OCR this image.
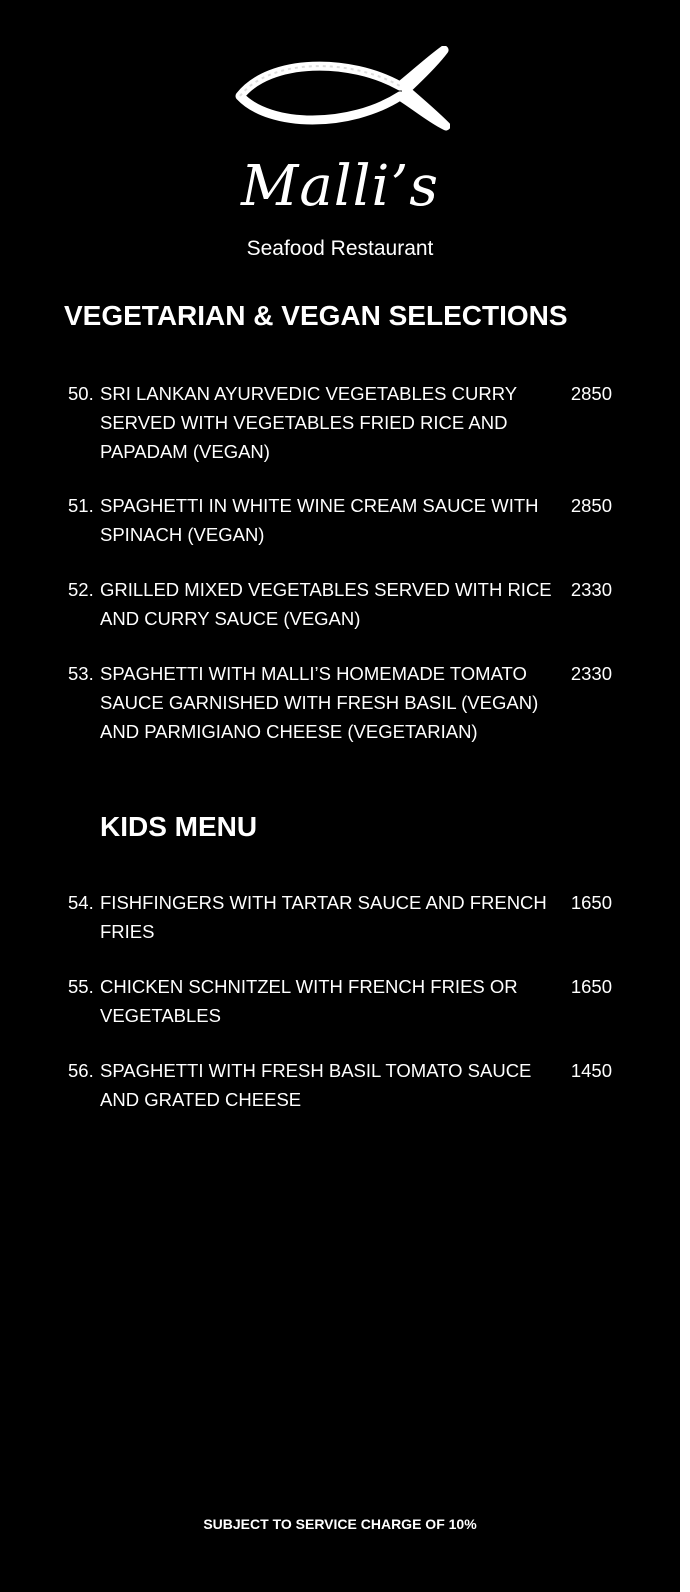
Malli’s
Seafood Restaurant
VEGETARIAN & VEGAN SELECTIONS
50. SRI LANKAN AYURVEDIC VEGETABLES CURRY SERVED WITH VEGETABLES FRIED RICE AND PAPADAM (VEGAN)
2850
51. SPAGHETTI IN WHITE WINE CREAM SAUCE WITH SPINACH (VEGAN)
2850
52. GRILLED MIXED VEGETABLES SERVED WITH RICE AND CURRY SAUCE (VEGAN)
2330
53. SPAGHETTI WITH MALLI’S HOMEMADE TOMATO SAUCE GARNISHED WITH FRESH BASIL (VEGAN) AND PARMIGIANO CHEESE (VEGETARIAN)
2330
KIDS MENU
54. FISHFINGERS WITH TARTAR SAUCE AND FRENCH FRIES
1650
55. CHICKEN SCHNITZEL WITH FRENCH FRIES OR VEGETABLES
1650
56. SPAGHETTI WITH FRESH BASIL TOMATO SAUCE AND GRATED CHEESE
1450
SUBJECT TO SERVICE CHARGE OF 10%
